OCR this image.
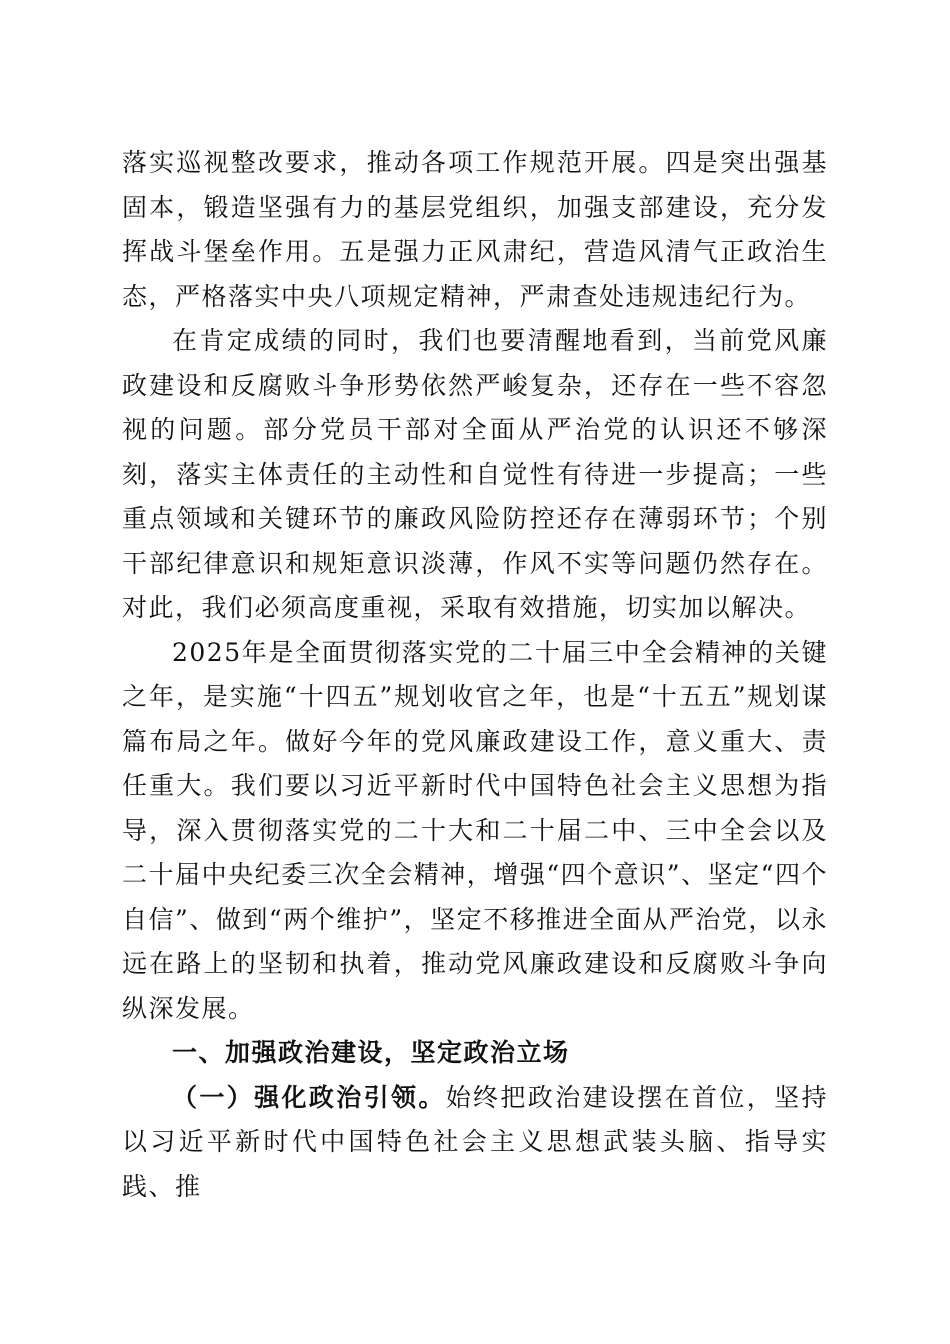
落实巡视整改要求，推动各项工作规范开展。四是突出强基固本，锻造坚强有力的基层党组织，加强支部建设，充分发挥战斗堡垒作用。五是强力正风肃纪，营造风清气正政治生态，严格落实中央八项规定精神，严肃查处违规违纪行为。

在肯定成绩的同时，我们也要清醒地看到，当前党风廉政建设和反腐败斗争形势依然严峻复杂，还存在一些不容忽视的问题。部分党员干部对全面从严治党的认识还不够深刻，落实主体责任的主动性和自觉性有待进一步提高；一些重点领域和关键环节的廉政风险防控还存在薄弱环节；个别干部纪律意识和规矩意识淡薄，作风不实等问题仍然存在。对此，我们必须高度重视，采取有效措施，切实加以解决。

2025年是全面贯彻落实党的二十届三中全会精神的关键之年，是实施“十四五”规划收官之年，也是“十五五”规划谋篇布局之年。做好今年的党风廉政建设工作，意义重大、责任重大。我们要以习近平新时代中国特色社会主义思想为指导，深入贯彻落实党的二十大和二十届二中、三中全会以及二十届中央纪委三次全会精神，增强“四个意识”、坚定“四个自信”、做到“两个维护”，坚定不移推进全面从严治党，以永远在路上的坚韧和执着，推动党风廉政建设和反腐败斗争向纵深发展。

一、加强政治建设，坚定政治立场

（一）强化政治引领。始终把政治建设摆在首位，坚持以习近平新时代中国特色社会主义思想武装头脑、指导实践、推
